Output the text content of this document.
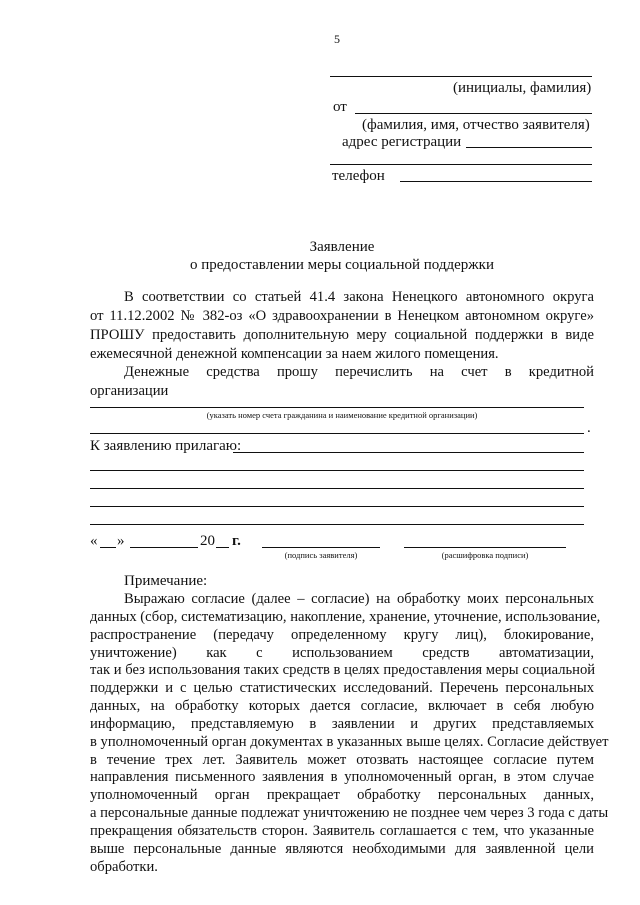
5
(инициалы, фамилия)
от
(фамилия, имя, отчество заявителя)
адрес регистрации
телефон
Заявление
о предоставлении меры социальной поддержки
В соответствии со статьей 41.4 закона Ненецкого автономного округа
от 11.12.2002 № 382-оз «О здравоохранении в Ненецком автономном округе»
ПРОШУ предоставить дополнительную меру социальной поддержки в виде
ежемесячной денежной компенсации за наем жилого помещения.
Денежные средства прошу перечислить на счет в кредитной
организации
(указать номер счета гражданина и наименование кредитной организации)
.
К заявлению прилагаю:
« »	20 г.
(подпись заявителя)	(расшифровка подписи)
Примечание:
Выражаю согласие (далее – согласие) на обработку моих персональных
данных (сбор, систематизацию, накопление, хранение, уточнение, использование,
распространение (передачу определенному кругу лиц), блокирование,
уничтожение) как с использованием средств автоматизации,
так и без использования таких средств в целях предоставления меры социальной
поддержки и с целью статистических исследований. Перечень персональных
данных, на обработку которых дается согласие, включает в себя любую
информацию, представляемую в заявлении и других представляемых
в уполномоченный орган документах в указанных выше целях. Согласие действует
в течение трех лет. Заявитель может отозвать настоящее согласие путем
направления письменного заявления в уполномоченный орган, в этом случае
уполномоченный орган прекращает обработку персональных данных,
а персональные данные подлежат уничтожению не позднее чем через 3 года с даты
прекращения обязательств сторон. Заявитель соглашается с тем, что указанные
выше персональные данные являются необходимыми для заявленной цели
обработки.
